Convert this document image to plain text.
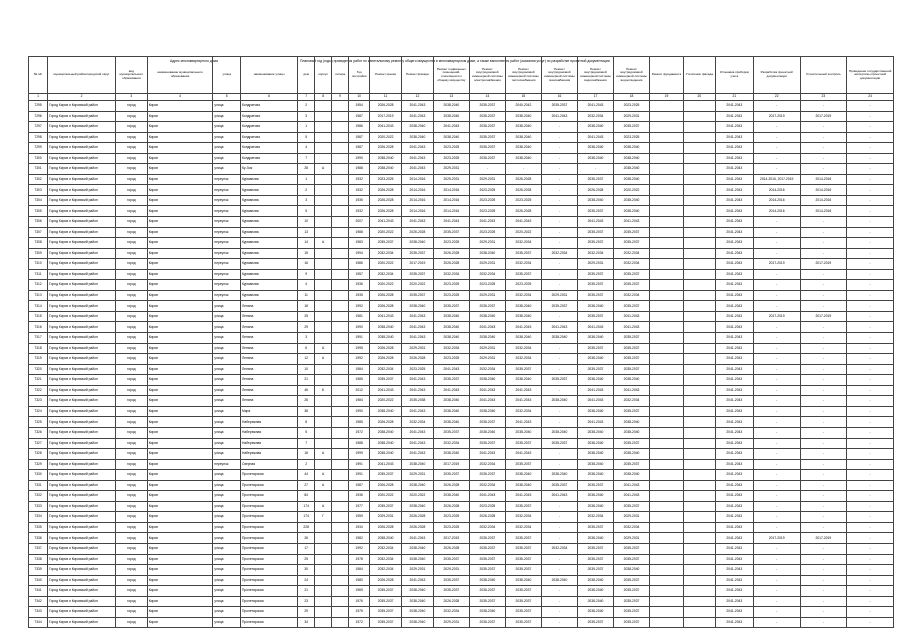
Адрес многоквартирного дома	Плановый год (годы) проведения работ по капитальному ремонту общего имущества в многоквартирном доме, а также выполнения работ (оказания услуг) по разработке проектной документации
№ п/п	муниципальный район/городской округ	вид муниципального образования	наименование муниципального образования	улица	наименование улицы	дом	корпус	литера	Год постройки	Ремонт крыши	Ремонт фасада	Ремонт подвальных помещений, относящихся к общему имуществу	Ремонт внутридомовой инженерной системы электроснабжения	Ремонт внутридомовой инженерной системы теплоснабжения	Ремонт внутридомовой инженерной системы газоснабжения	Ремонт внутридомовой инженерной системы водоснабжения	Ремонт внутридомовой инженерной системы водоотведения	Ремонт фундамента	Утепление фасада	Установка приборов учета	Разработка проектной документации	Строительный контроль	Проведение государственной экспертизы проектной документации
1	2	3	4	5	6	7	8	9	10	11	12	13	14	15	16	17	18	19	20	21	22	23	24
7295	Город Киров и Кировский район	город	Киров	улица	Кондратова	2			1954	2026-2028	2041-2043	2038-2040	2035-2037	2040-2042	2035-2037	2041-2043	2023-2025			2041-2043	-	-	-
7296	Город Киров и Кировский район	город	Киров	улица	Кондратова	3			1987	2017-2019	2041-2043	2038-2040	2035-2037	2038-2040	2041-2043	2032-2034	2029-2031			2041-2043	2017-2019	2017-2019	-
7297	Город Киров и Кировский район	город	Киров	улица	Кондратова	1			1986	2041-2043	2038-2040	2041-2043	2035-2037	2038-2040	-	2038-2040	2035-2037			2041-2043	-	-	-
7298	Город Киров и Кировский район	город	Киров	улица	Кондратова	5			1987	2020-2022	2038-2040	2038-2040	2035-2037	2038-2040	-	2041-2043	2023-2025			2041-2043	-	-	-
7299	Город Киров и Кировский район	город	Киров	улица	Кондратова	4			1987	2026-2028	2041-2043	2023-2025	2035-2037	2038-2040	-	2038-2040	2038-2040			2041-2043	-	-	-
7300	Город Киров и Кировский район	город	Киров	улица	Кондратова	7			1990	2038-2040	2041-2043	2023-2025	2035-2037	2038-2040	-	2038-2040	2038-2040			2041-2043	-	-	-
7301	Город Киров и Кировский район	город	Киров	улица	Ку-Зоя	28	А		1988	2038-2040	2041-2043	2029-2031	-	-	-	-	2038-2040			2041-2043	-	-	-
7302	Город Киров и Кировский район	город	Киров	переулок	Курманова	1			1932	2023-2025	2014-2016	2029-2031	2029-2031	2026-2028	-	2035-2037	2038-2040			2041-2043	2014-2016, 2017-2019	2014-2016	-
7303	Город Киров и Кировский район	город	Киров	переулок	Курманова	2			1932	2026-2028	2014-2016	2014-2016	2023-2025	2026-2028	-	2026-2028	2020-2022			2041-2043	2014-2016	2014-2016	-
7304	Город Киров и Кировский район	город	Киров	переулок	Курманова	3			1935	2026-2028	2014-2016	2014-2016	2023-2025	2023-2025	-	2038-2040	2038-2040			2041-2043	2014-2016	2014-2016	-
7305	Город Киров и Кировский район	город	Киров	переулок	Курманова	5			1932	2026-2028	2014-2016	2014-2016	2023-2025	2026-2028	-	2035-2037	2038-2040			2041-2043	2014-2016	2014-2016	-
7306	Город Киров и Кировский район	город	Киров	переулок	Курманова	10			2007	2041-2043	2041-2043	2041-2043	2041-2043	2041-2043	-	2041-2043	2041-2043			2041-2043	-	-	-
7307	Город Киров и Кировский район	город	Киров	переулок	Курманова	13			1988	2020-2022	2026-2028	2035-2037	2023-2025	2020-2022	-	2035-2037	2035-2037			2041-2043	-	-	-
7308	Город Киров и Кировский район	город	Киров	переулок	Курманова	14	А		1983	2035-2037	2038-2040	2023-2025	2029-2031	2032-2034	-	2035-2037	2035-2037			2041-2043	-	-	-
7309	Город Киров и Кировский район	город	Киров	переулок	Курманова	15			1994	2032-2034	2035-2037	2026-2028	2038-2040	2035-2037	2032-2034	2032-2034	2032-2034			2041-2043	-	-	-
7310	Город Киров и Кировский район	город	Киров	переулок	Курманова	16			1986	2020-2022	2017-2019	2026-2028	2029-2031	2032-2034	-	2029-2031	2032-2034			2041-2043	2017-2019	2017-2019	-
7311	Город Киров и Кировский район	город	Киров	переулок	Курманова	9			1957	2032-2034	2035-2037	2032-2034	2032-2034	2035-2037	-	2035-2037	2035-2037			2041-2043	-	-	-
7312	Город Киров и Кировский район	город	Киров	переулок	Курманова	4			1936	2020-2022	2020-2022	2023-2025	2023-2025	2023-2025	-	2035-2037	2035-2037			2041-2043	-	-	-
7313	Город Киров и Кировский район	город	Киров	переулок	Курманова	11			1935	2026-2028	2035-2037	2023-2025	2029-2031	2032-2034	2029-2031	2035-2037	2032-2034			2041-2043	-	-	-
7314	Город Киров и Кировский район	город	Киров	улица	Ленина	18			1992	2026-2028	2038-2040	2035-2037	2035-2037	2038-2040	2035-2037	2038-2040	2035-2037			2041-2043	-	-	-
7315	Город Киров и Кировский район	город	Киров	улица	Ленина	25			1981	2041-2043	2041-2043	2038-2040	2038-2040	2038-2040	-	2035-2037	2041-2043			2041-2043	2017-2019	2017-2019	-
7316	Город Киров и Кировский район	город	Киров	улица	Ленина	29			1990	2038-2040	2041-2043	2038-2040	2041-2043	2041-2043	2041-2043	2041-2043	2041-2043			2041-2043	-	-	-
7317	Город Киров и Кировский район	город	Киров	улица	Ленина	3			1991	2038-2040	2041-2043	2038-2040	2038-2040	2038-2040	2038-2040	2038-2040	2035-2037			2041-2043	-	-	-
7318	Город Киров и Кировский район	город	Киров	улица	Ленина	6	А		1995	2026-2028	2029-2031	2032-2034	2029-2031	2032-2034	-	2035-2037	2035-2037			2041-2043	-	-	-
7319	Город Киров и Кировский район	город	Киров	улица	Ленина	12	А		1992	2026-2028	2026-2028	2023-2025	2029-2031	2032-2034	-	2038-2040	2035-2037			2041-2043	-	-	-
7320	Город Киров и Кировский район	город	Киров	улица	Ленина	10			1984	2032-2034	2023-2025	2041-2043	2032-2034	2035-2037	-	2035-2037	2035-2037			2041-2043	-	-	-
7321	Город Киров и Кировский район	город	Киров	улица	Ленина	21			1985	2035-2037	2041-2043	2035-2037	2038-2040	2038-2040	2035-2037	2038-2040	2038-2040			2041-2043	-	-	-
7322	Город Киров и Кировский район	город	Киров	улица	Ленина	46	Б		2012	2041-2043	2041-2043	2041-2043	2041-2043	2041-2043	-	2041-2043	2041-2043			2041-2043	-	-	-
7323	Город Киров и Кировский район	город	Киров	улица	Ленина	26			1984	2020-2022	2035-2038	2038-2040	2041-2043	2041-2043	2038-2040	2041-2043	2032-2034			2041-2043	-	-	-
7324	Город Киров и Кировский район	город	Киров	улица	Мира	38			1990	2038-2040	2041-2043	2038-2040	2038-2040	2032-2034	-	2038-2040	2035-2037			2041-2043	-	-	-
7325	Город Киров и Кировский район	город	Киров	улица	Набережная	8			1985	2026-2028	2032-2034	2038-2040	2035-2037	2041-2043	-	2041-2043	2038-2040			2041-2043	-	-	-
7326	Город Киров и Кировский район	город	Киров	улица	Набережная	5			1972	2038-2040	2041-2043	2035-2037	2038-2040	2038-2040	2038-2040	2038-2040	2038-2040			2041-2043	-	-	-
7327	Город Киров и Кировский район	город	Киров	улица	Набережная	7			1988	2038-2040	2041-2043	2032-2034	2035-2037	2035-2037	2035-2037	2038-2040	2035-2037			2041-2043	-	-	-
7328	Город Киров и Кировский район	город	Киров	улица	Набережная	18	А		1999	2038-2040	2041-2043	2038-2040	2041-2043	2041-2043	-	2038-2040	2038-2040			2041-2043	-	-	-
7329	Город Киров и Кировский район	город	Киров	переулок	Озерная	2			1991	2041-2043	2038-2040	2017-2019	2032-2034	2035-2037	-	2038-2040	2035-2037			2041-2043	-	-	-
7330	Город Киров и Кировский район	город	Киров	улица	Пролетарская	44	А		1991	2035-2037	2029-2031	2035-2037	2035-2037	2038-2040	2038-2040	2038-2040	2038-2040			2041-2043	-	-	-
7331	Город Киров и Кировский район	город	Киров	улица	Пролетарская	27	А		1987	2026-2028	2038-2040	2026-2028	2032-2034	2038-2040	2035-2037	2035-2037	2041-2043			2041-2043	-	-	-
7332	Город Киров и Кировский район	город	Киров	улица	Пролетарская	84			1936	2020-2022	2020-2022	2038-2040	2041-2043	2041-2043	2041-2043	2038-2040	2041-2043			2041-2043	-	-	-
7333	Город Киров и Кировский район	город	Киров	улица	Пролетарская	174	А		1977	2035-2037	2038-2040	2026-2028	2023-2025	2035-2037	-	2038-2040	2035-2037			2041-2043	-	-	-
7334	Город Киров и Кировский район	город	Киров	улица	Пролетарская	174	Г		1959	2029-2031	2026-2028	2023-2025	2026-2028	2032-2034	-	2032-2034	2029-2031			2041-2043	-	-	-
7335	Город Киров и Кировский район	город	Киров	улица	Пролетарская	228			1934	2026-2028	2026-2028	2023-2025	2032-2034	2032-2034	-	2035-2037	2032-2034			2041-2043	-	-	-
7336	Город Киров и Кировский район	город	Киров	улица	Пролетарская	26			1982	2038-2040	2041-2043	2017-2019	2035-2037	2035-2037	-	2038-2040	2029-2031			2041-2043	2017-2019	2017-2019	-
7337	Город Киров и Кировский район	город	Киров	улица	Пролетарская	17			1992	2032-2034	2038-2040	2026-2028	2035-2037	2035-2037	2032-2034	2035-2037	2035-2037			2041-2043	-	-	-
7338	Город Киров и Кировский район	город	Киров	улица	Пролетарская	25			1978	2032-2034	2038-2040	2035-2037	2035-2037	2035-2037	-	2035-2037	2035-2037			2041-2043	-	-	-
7339	Город Киров и Кировский район	город	Киров	улица	Пролетарская	30			1984	2032-2034	2029-2031	2029-2031	2035-2037	2035-2037	-	2035-2037	2038-2040			2041-2043	-	-	-
7340	Город Киров и Кировский район	город	Киров	улица	Пролетарская	24			1980	2026-2028	2041-2043	2035-2037	2038-2040	2038-2040	2038-2040	2038-2040	2035-2037			2041-2043	-	-	-
7341	Город Киров и Кировский район	город	Киров	улица	Пролетарская	21			1969	2035-2037	2038-2040	2035-2037	2035-2037	2035-2037	-	2038-2040	2035-2037			2041-2043	-	-	-
7342	Город Киров и Кировский район	город	Киров	улица	Пролетарская	23			1976	2035-2037	2038-2040	2026-2028	2035-2037	2035-2037	-	2038-2040	2035-2037			2041-2043	-	-	-
7343	Город Киров и Кировский район	город	Киров	улица	Пролетарская	29			1975	2035-2037	2038-2040	2032-2034	2038-2040	2035-2037	-	2038-2040	2035-2037			2041-2043	-	-	-
7344	Город Киров и Кировский район	город	Киров	улица	Пролетарская	34			1972	2035-2037	2038-2040	2029-2031	2035-2037	2035-2037	-	2035-2037	2035-2037			2041-2043	-	-	-
